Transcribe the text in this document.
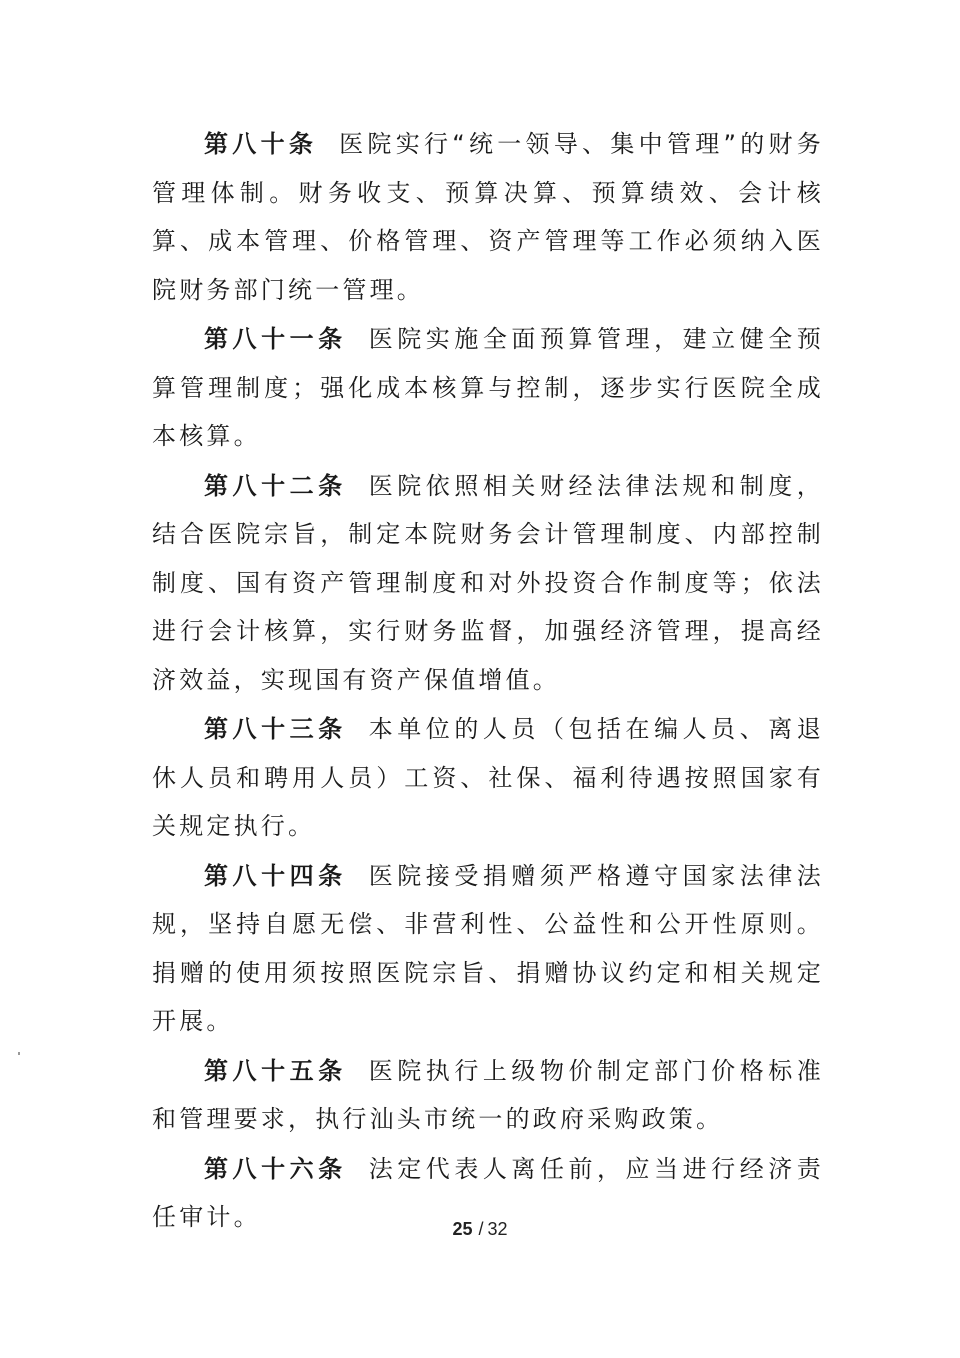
第八十条 医院实行“统一领导、集中管理”的财务管理体制。财务收支、预算决算、预算绩效、会计核算、成本管理、价格管理、资产管理等工作必须纳入医院财务部门统一管理。

第八十一条 医院实施全面预算管理，建立健全预算管理制度；强化成本核算与控制，逐步实行医院全成本核算。

第八十二条 医院依照相关财经法律法规和制度，结合医院宗旨，制定本院财务会计管理制度、内部控制制度、国有资产管理制度和对外投资合作制度等；依法进行会计核算，实行财务监督，加强经济管理，提高经济效益，实现国有资产保值增值。

第八十三条 本单位的人员（包括在编人员、离退休人员和聘用人员）工资、社保、福利待遇按照国家有关规定执行。

第八十四条 医院接受捐赠须严格遵守国家法律法规，坚持自愿无偿、非营利性、公益性和公开性原则。捐赠的使用须按照医院宗旨、捐赠协议约定和相关规定开展。

第八十五条 医院执行上级物价制定部门价格标准和管理要求，执行汕头市统一的政府采购政策。

第八十六条 法定代表人离任前，应当进行经济责任审计。	25 / 32
